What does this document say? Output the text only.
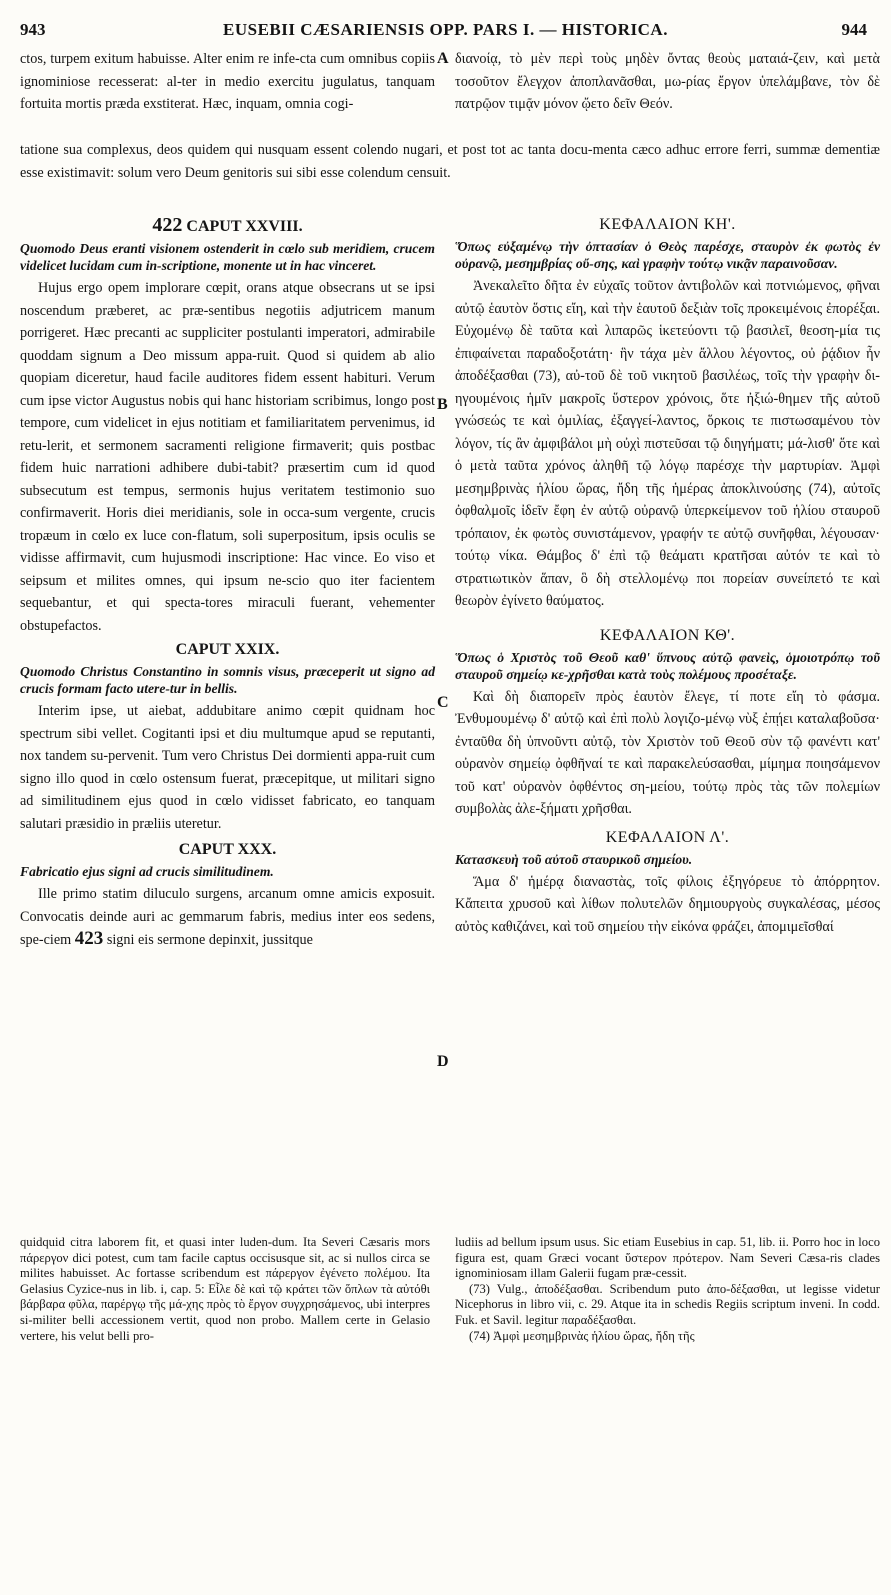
EUSEBII CÆSARIENSIS OPP. PARS I. — HISTORICA.
943	944
ctos, turpem exitum habuisse. Alter enim re infe-cta cum omnibus copiis ignominiose recesserat: al-ter in medio exercitu jugulatus, tanquam fortuita mortis præda exstiterat. Hæc, inquam, omnia cogi-
διανοίᾳ, τὸ μὲν περὶ τοὺς μηδὲν ὄντας θεοὺς ματαιά-ζειν, καὶ μετὰ τοσοῦτον ἔλεγχον ἀποπλανᾶσθαι, μω-ρίας ἔργον ὑπελάμβανε, τὸν δὲ πατρῷον τιμᾷν μόνον ᾤετο δεῖν Θεόν.
tatione sua complexus, deos quidem qui nusquam essent colendo nugari, et post tot ac tanta docu-menta cæco adhuc errore ferri, summæ dementiæ esse existimavit: solum vero Deum genitoris sui sibi esse colendum censuit.
A
B
C
D
422 CAPUT XXVIII.

Quomodo Deus eranti visionem ostenderit in cœlo sub meridiem, crucem videlicet lucidam cum in-scriptione, monente ut in hac vinceret.

Hujus ergo opem implorare cœpit, orans atque obsecrans ut se ipsi noscendum præberet, ac præ-sentibus negotiis adjutricem manum porrigeret. Hæc precanti ac suppliciter postulanti imperatori, admirabile quoddam signum a Deo missum appa-ruit. Quod si quidem ab alio quopiam diceretur, haud facile auditores fidem essent habituri. Verum cum ipse victor Augustus nobis qui hanc historiam scribimus, longo post tempore, cum videlicet in ejus notitiam et familiaritatem pervenimus, id retu-lerit, et sermonem sacramenti religione firmaverit; quis postbac fidem huic narrationi adhibere dubi-tabit? præsertim cum id quod subsecutum est tempus, sermonis hujus veritatem testimonio suo confirmaverit. Horis diei meridianis, sole in occa-sum vergente, crucis tropæum in cœlo ex luce con-flatum, soli superpositum, ipsis oculis se vidisse affirmavit, cum hujusmodi inscriptione: Hac vince. Eo viso et seipsum et milites omnes, qui ipsum ne-scio quo iter facientem sequebantur, et qui specta-tores miraculi fuerant, vehementer obstupefactos.

CAPUT XXIX.

Quomodo Christus Constantino in somnis visus, præceperit ut signo ad crucis formam facto utere-tur in bellis.

Interim ipse, ut aiebat, addubitare animo cœpit quidnam hoc spectrum sibi vellet. Cogitanti ipsi et diu multumque apud se reputanti, nox tandem su-pervenit. Tum vero Christus Dei dormienti appa-ruit cum signo illo quod in cœlo ostensum fuerat, præcepitque, ut militari signo ad similitudinem ejus quod in cœlo vidisset fabricato, eo tanquam salutari præsidio in præliis uteretur.

CAPUT XXX.

Fabricatio ejus signi ad crucis similitudinem.

Ille primo statim diluculo surgens, arcanum omne amicis exposuit. Convocatis deinde auri ac gemmarum fabris, medius inter eos sedens, spe-ciem 423 signi eis sermone depinxit, jussitque

ΚΕΦΑΛΑΙΟΝ ΚΗ'.

Ὅπως εὐξαμένῳ τὴν ὀπτασίαν ὁ Θεὸς παρέσχε, σταυρὸν ἐκ φωτὸς ἐν οὐρανῷ, μεσημβρίας οὔ-σης, καὶ γραφὴν τούτῳ νικᾷν παραινοῦσαν.

Ἀνεκαλεῖτο δῆτα ἐν εὐχαῖς τοῦτον ἀντιβολῶν καὶ ποτνιώμενος, φῆναι αὐτῷ ἑαυτὸν ὅστις εἴη, καὶ τὴν ἑαυτοῦ δεξιὰν τοῖς προκειμένοις ἐπορέξαι. Εὐχομένῳ δὲ ταῦτα καὶ λιπαρῶς ἱκετεύοντι τῷ βασιλεῖ, θεοση-μία τις ἐπιφαίνεται παραδοξοτάτη· ἣν τάχα μὲν ἄλλου λέγοντος, οὐ ῥᾴδιον ἦν ἀποδέξασθαι (73), αὐ-τοῦ δὲ τοῦ νικητοῦ βασιλέως, τοῖς τὴν γραφὴν δι-ηγουμένοις ἡμῖν μακροῖς ὕστερον χρόνοις, ὅτε ἠξιώ-θημεν τῆς αὐτοῦ γνώσεώς τε καὶ ὁμιλίας, ἐξαγγεί-λαντος, ὅρκοις τε πιστωσαμένου τὸν λόγον, τίς ἂν ἀμφιβάλοι μὴ οὐχὶ πιστεῦσαι τῷ διηγήματι; μά-λισθ' ὅτε καὶ ὁ μετὰ ταῦτα χρόνος ἀληθῆ τῷ λόγῳ παρέσχε τὴν μαρτυρίαν. Ἀμφὶ μεσημβρινὰς ἡλίου ὥρας, ἤδη τῆς ἡμέρας ἀποκλινούσης (74), αὐτοῖς ὀφθαλμοῖς ἰδεῖν ἔφη ἐν αὐτῷ οὐρανῷ ὑπερκείμενον τοῦ ἡλίου σταυροῦ τρόπαιον, ἐκ φωτὸς συνιστάμενον, γραφήν τε αὐτῷ συνῆφθαι, λέγουσαν· τούτῳ νίκα. Θάμβος δ' ἐπὶ τῷ θεάματι κρατῆσαι αὐτόν τε καὶ τὸ στρατιωτικὸν ἅπαν, ὃ δὴ στελλομένῳ ποι πορείαν συνείπετό τε καὶ θεωρὸν ἐγίνετο θαύματος.

ΚΕΦΑΛΑΙΟΝ ΚΘ'.

Ὅπως ὁ Χριστὸς τοῦ Θεοῦ καθ' ὕπνους αὐτῷ φανεὶς, ὁμοιοτρόπῳ τοῦ σταυροῦ σημείῳ κε-χρῆσθαι κατὰ τοὺς πολέμους προσέταξε.

Καὶ δὴ διαπορεῖν πρὸς ἑαυτὸν ἔλεγε, τί ποτε εἴη τὸ φάσμα. Ἐνθυμουμένῳ δ' αὐτῷ καὶ ἐπὶ πολὺ λογιζο-μένῳ νὺξ ἐπῄει καταλαβοῦσα· ἐνταῦθα δὴ ὑπνοῦντι αὐτῷ, τὸν Χριστὸν τοῦ Θεοῦ σὺν τῷ φανέντι κατ' οὐρανὸν σημείῳ ὀφθῆναί τε καὶ παρακελεύσασθαι, μίμημα ποιησάμενον τοῦ κατ' οὐρανὸν ὀφθέντος ση-μείου, τούτῳ πρὸς τὰς τῶν πολεμίων συμβολὰς ἀλε-ξήματι χρῆσθαι.

ΚΕΦΑΛΑΙΟΝ Λ'.

Κατασκευὴ τοῦ αὐτοῦ σταυρικοῦ σημείου.

Ἅμα δ' ἡμέρᾳ διαναστὰς, τοῖς φίλοις ἐξηγόρευε τὸ ἀπόρρητον. Κἄπειτα χρυσοῦ καὶ λίθων πολυτελῶν δημιουργοὺς συγκαλέσας, μέσος αὐτὸς καθιζάνει, καὶ τοῦ σημείου τὴν εἰκόνα φράζει, ἀπομιμεῖσθαί

quidquid citra laborem fit, et quasi inter luden-dum. Ita Severi Cæsaris mors πάρεργον dici potest, cum tam facile captus occisusque sit, ac si nullos circa se milites habuisset. Ac fortasse scribendum est πάρεργον ἐγένετο πολέμου. Ita Gelasius Cyzice-nus in lib. i, cap. 5: Εἶλε δὲ καὶ τῷ κράτει τῶν ὅπλων τὰ αὐτόθι βάρβαρα φῦλα, παρέργῳ τῆς μά-χης πρὸς τὸ ἔργον συγχρησάμενος, ubi interpres si-militer belli accessionem vertit, quod non probo. Mallem certe in Gelasio vertere, his velut belli pro-

ludiis ad bellum ipsum usus. Sic etiam Eusebius in cap. 51, lib. ii. Porro hoc in loco figura est, quam Græci vocant ὕστερον πρότερον. Nam Severi Cæsa-ris clades ignominiosam illam Galerii fugam præ-cessit.

(73) Vulg., ἀποδέξασθαι. Scribendum puto ἀπο-δέξασθαι, ut legisse videtur Nicephorus in libro vii, c. 29. Atque ita in schedis Regiis scriptum inveni. In codd. Fuk. et Savil. legitur παραδέξασθαι.

(74) Ἀμφὶ μεσημβρινὰς ἡλίου ὥρας, ἤδη τῆς
